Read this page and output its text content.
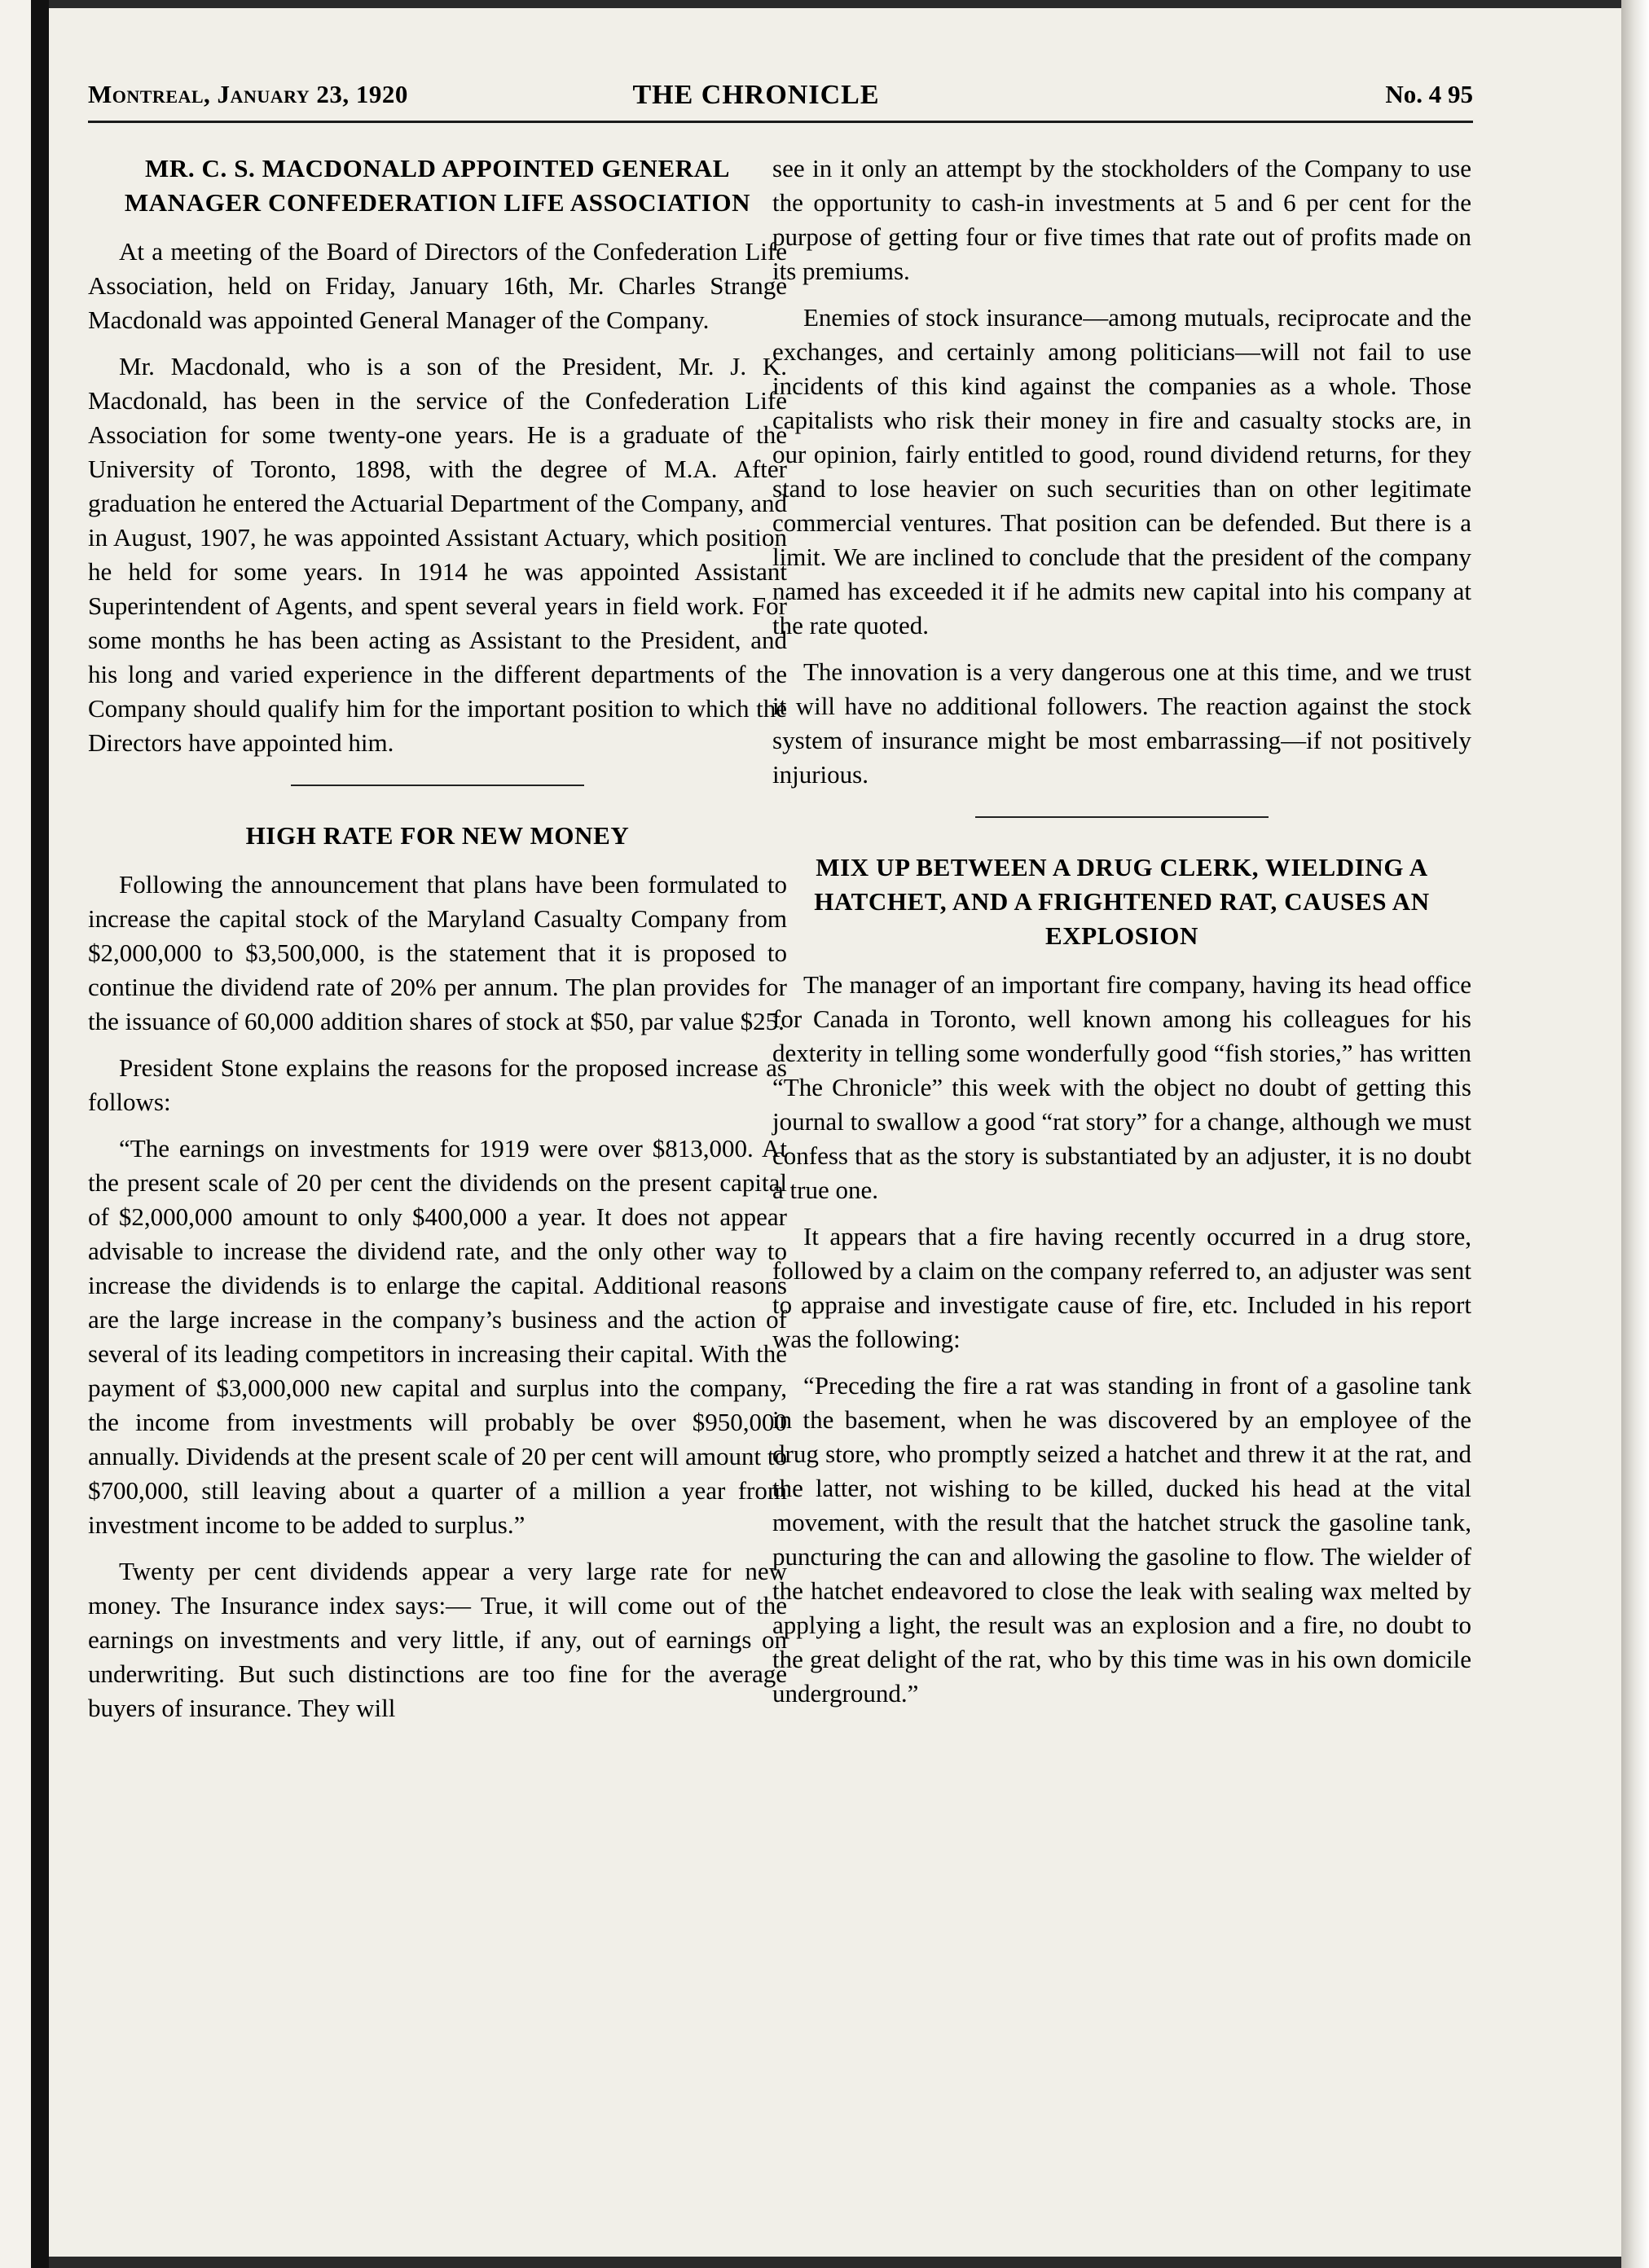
Montreal, January 23, 1920	THE CHRONICLE	No. 4 95
MR. C. S. MACDONALD APPOINTED GENERAL MANAGER CONFEDERATION LIFE ASSOCIATION

At a meeting of the Board of Directors of the Confederation Life Association, held on Friday, January 16th, Mr. Charles Strange Macdonald was appointed General Manager of the Company.

Mr. Macdonald, who is a son of the President, Mr. J. K. Macdonald, has been in the service of the Confederation Life Association for some twenty-one years. He is a graduate of the University of Toronto, 1898, with the degree of M.A. After graduation he entered the Actuarial Department of the Company, and in August, 1907, he was appointed Assistant Actuary, which position he held for some years. In 1914 he was appointed Assistant Superintendent of Agents, and spent several years in field work. For some months he has been acting as Assistant to the President, and his long and varied experience in the different departments of the Company should qualify him for the important position to which the Directors have appointed him.

HIGH RATE FOR NEW MONEY

Following the announcement that plans have been formulated to increase the capital stock of the Maryland Casualty Company from $2,000,000 to $3,500,000, is the statement that it is proposed to continue the dividend rate of 20% per annum. The plan provides for the issuance of 60,000 addition shares of stock at $50, par value $25.

President Stone explains the reasons for the proposed increase as follows:

“The earnings on investments for 1919 were over $813,000. At the present scale of 20 per cent the dividends on the present capital of $2,000,000 amount to only $400,000 a year. It does not appear advisable to increase the dividend rate, and the only other way to increase the dividends is to enlarge the capital. Additional reasons are the large increase in the company’s business and the action of several of its leading competitors in increasing their capital. With the payment of $3,000,000 new capital and surplus into the company, the income from investments will probably be over $950,000 annually. Dividends at the present scale of 20 per cent will amount to $700,000, still leaving about a quarter of a million a year from investment income to be added to surplus.”

Twenty per cent dividends appear a very large rate for new money. The Insurance index says:— True, it will come out of the earnings on investments and very little, if any, out of earnings on underwriting. But such distinctions are too fine for the average buyers of insurance. They will

see in it only an attempt by the stockholders of the Company to use the opportunity to cash-in investments at 5 and 6 per cent for the purpose of getting four or five times that rate out of profits made on its premiums.

Enemies of stock insurance—among mutuals, reciprocate and the exchanges, and certainly among politicians—will not fail to use incidents of this kind against the companies as a whole. Those capitalists who risk their money in fire and casualty stocks are, in our opinion, fairly entitled to good, round dividend returns, for they stand to lose heavier on such securities than on other legitimate commercial ventures. That position can be defended. But there is a limit. We are inclined to conclude that the president of the company named has exceeded it if he admits new capital into his company at the rate quoted.

The innovation is a very dangerous one at this time, and we trust it will have no additional followers. The reaction against the stock system of insurance might be most embarrassing—if not positively injurious.

MIX UP BETWEEN A DRUG CLERK, WIELDING A HATCHET, AND A FRIGHTENED RAT, CAUSES AN EXPLOSION

The manager of an important fire company, having its head office for Canada in Toronto, well known among his colleagues for his dexterity in telling some wonderfully good “fish stories,” has written “The Chronicle” this week with the object no doubt of getting this journal to swallow a good “rat story” for a change, although we must confess that as the story is substantiated by an adjuster, it is no doubt a true one.

It appears that a fire having recently occurred in a drug store, followed by a claim on the company referred to, an adjuster was sent to appraise and investigate cause of fire, etc. Included in his report was the following:

“Preceding the fire a rat was standing in front of a gasoline tank in the basement, when he was discovered by an employee of the drug store, who promptly seized a hatchet and threw it at the rat, and the latter, not wishing to be killed, ducked his head at the vital movement, with the result that the hatchet struck the gasoline tank, puncturing the can and allowing the gasoline to flow. The wielder of the hatchet endeavored to close the leak with sealing wax melted by applying a light, the result was an explosion and a fire, no doubt to the great delight of the rat, who by this time was in his own domicile underground.”
